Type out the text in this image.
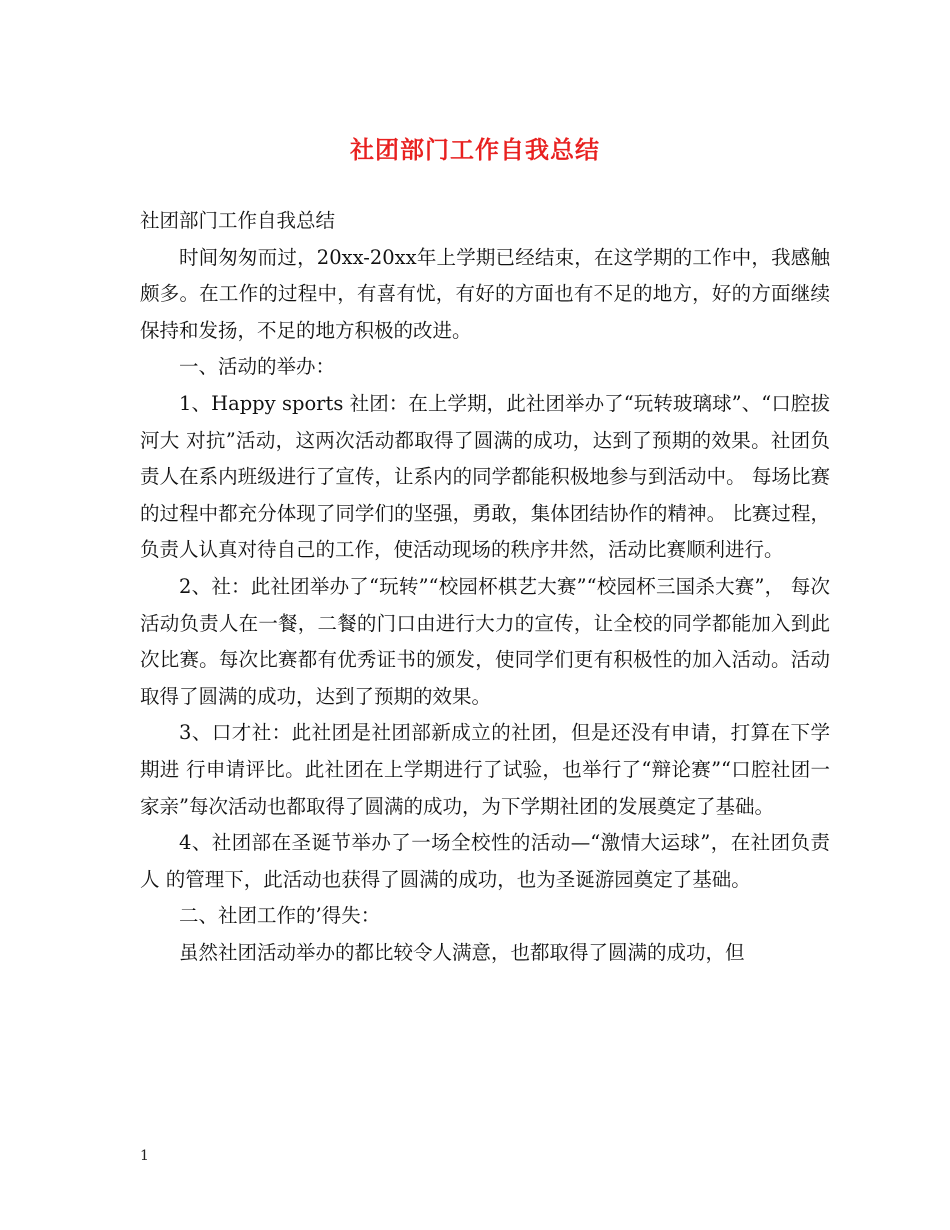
社团部门工作自我总结

社团部门工作自我总结

时间匆匆而过，20xx-20xx年上学期已经结束，在这学期的工作中，我感触颇多。在工作的过程中，有喜有忧，有好的方面也有不足的地方，好的方面继续保持和发扬，不足的地方积极的改进。

一、活动的举办：

1、Happy sports 社团：在上学期，此社团举办了“玩转玻璃球”、“口腔拔河大 对抗”活动，这两次活动都取得了圆满的成功，达到了预期的效果。社团负责人在系内班级进行了宣传，让系内的同学都能积极地参与到活动中。 每场比赛的过程中都充分体现了同学们的坚强，勇敢，集体团结协作的精神。 比赛过程，负责人认真对待自己的工作，使活动现场的秩序井然，活动比赛顺利进行。

2、社：此社团举办了“玩转”“校园杯棋艺大赛”“校园杯三国杀大赛”， 每次活动负责人在一餐，二餐的门口由进行大力的宣传，让全校的同学都能加入到此次比赛。每次比赛都有优秀证书的颁发，使同学们更有积极性的加入活动。活动取得了圆满的成功，达到了预期的效果。

3、口才社：此社团是社团部新成立的社团，但是还没有申请，打算在下学期进 行申请评比。此社团在上学期进行了试验，也举行了“辩论赛”“口腔社团一家亲”每次活动也都取得了圆满的成功，为下学期社团的发展奠定了基础。

4、社团部在圣诞节举办了一场全校性的活动—“激情大运球”，在社团负责人 的管理下，此活动也获得了圆满的成功，也为圣诞游园奠定了基础。

二、社团工作的’得失：

虽然社团活动举办的都比较令人满意，也都取得了圆满的成功，但

1
